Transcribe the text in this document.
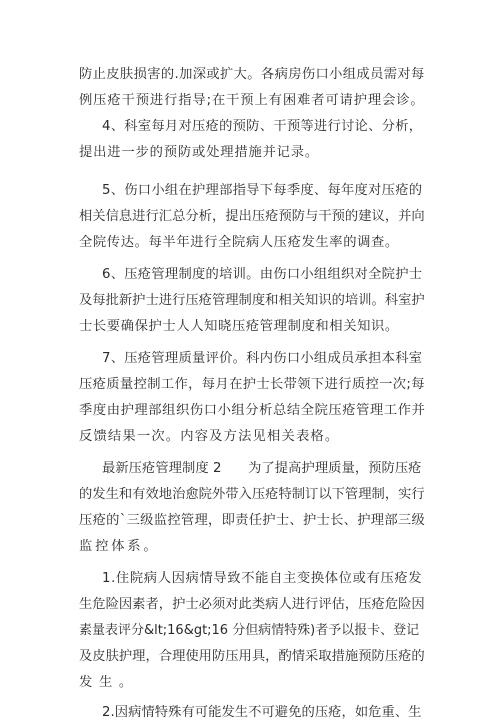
防止皮肤损害的.加深或扩大。各病房伤口小组成员需对每
例压疮干预进行指导;在干预上有困难者可请护理会诊。
4、科室每月对压疮的预防、干预等进行讨论、分析，
提出进一步的预防或处理措施并记录。
5、伤口小组在护理部指导下每季度、每年度对压疮的
相关信息进行汇总分析，提出压疮预防与干预的建议，并向
全院传达。每半年进行全院病人压疮发生率的调查。
6、压疮管理制度的培训。由伤口小组组织对全院护士
及每批新护士进行压疮管理制度和相关知识的培训。科室护
士长要确保护士人人知晓压疮管理制度和相关知识。
7、压疮管理质量评价。科内伤口小组成员承担本科室
压疮质量控制工作，每月在护士长带领下进行质控一次;每
季度由护理部组织伤口小组分析总结全院压疮管理工作并
反馈结果一次。内容及方法见相关表格。
最新压疮管理制度 2　　为了提高护理质量，预防压疮
的发生和有效地治愈院外带入压疮特制订以下管理制，实行
压疮的`三级监控管理，即责任护士、护士长、护理部三级
监控体系。
1.住院病人因病情导致不能自主变换体位或有压疮发
生危险因素者，护士必须对此类病人进行评估，压疮危险因
素量表评分&lt;16&gt;16 分但病情特殊)者予以报卡、登记
及皮肤护理，合理使用防压用具，酌情采取措施预防压疮的
发生。
2.因病情特殊有可能发生不可避免的压疮，如危重、生
